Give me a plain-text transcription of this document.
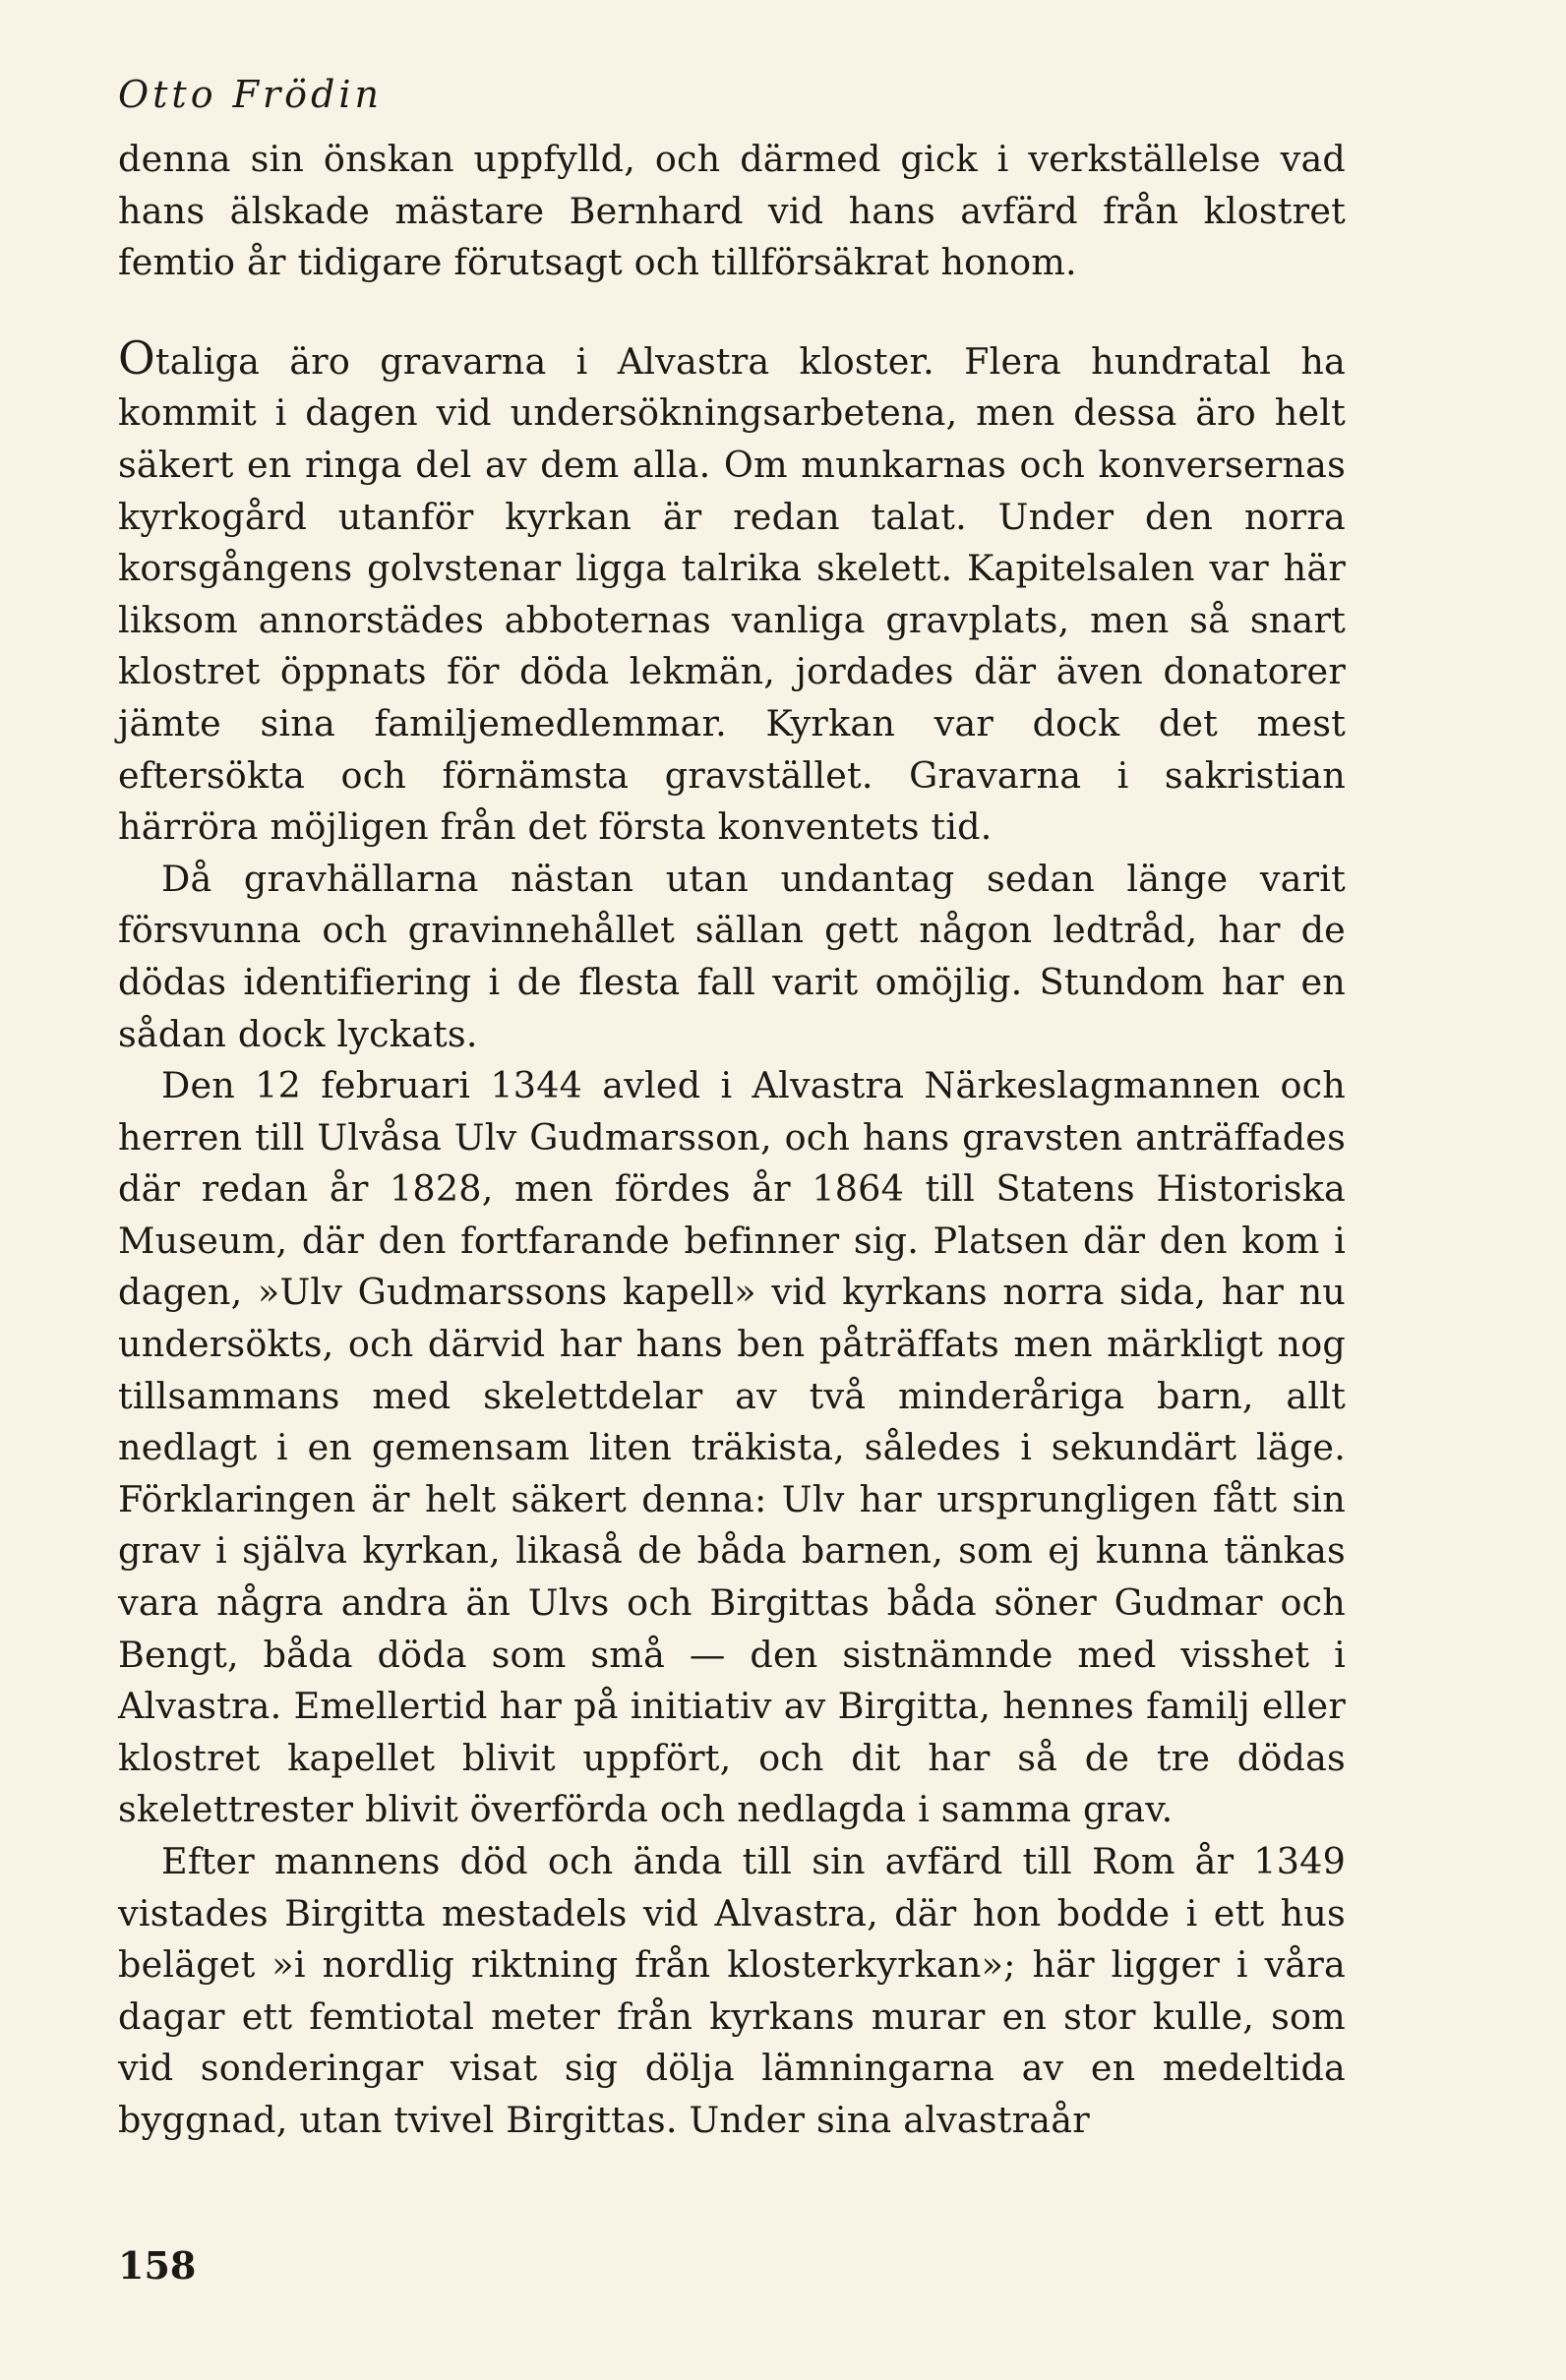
Otto Frödin

denna sin önskan uppfylld, och därmed gick i verkställelse vad hans älskade mästare Bernhard vid hans avfärd från klostret femtio år tidigare förutsagt och tillförsäkrat honom.

Otaliga äro gravarna i Alvastra kloster. Flera hundratal ha kommit i dagen vid undersökningsarbetena, men dessa äro helt säkert en ringa del av dem alla. Om munkarnas och konversernas kyrkogård utanför kyrkan är redan talat. Under den norra korsgångens golvstenar ligga talrika skelett. Kapitelsalen var här liksom annorstädes abboternas vanliga gravplats, men så snart klostret öppnats för döda lekmän, jordades där även donatorer jämte sina familjemedlemmar. Kyrkan var dock det mest eftersökta och förnämsta gravstället. Gravarna i sakristian härröra möjligen från det första konventets tid.

Då gravhällarna nästan utan undantag sedan länge varit försvunna och gravinnehållet sällan gett någon ledtråd, har de dödas identifiering i de flesta fall varit omöjlig. Stundom har en sådan dock lyckats.

Den 12 februari 1344 avled i Alvastra Närkeslagmannen och herren till Ulvåsa Ulv Gudmarsson, och hans gravsten anträffades där redan år 1828, men fördes år 1864 till Statens Historiska Museum, där den fortfarande befinner sig. Platsen där den kom i dagen, »Ulv Gudmarssons kapell» vid kyrkans norra sida, har nu undersökts, och därvid har hans ben påträffats men märkligt nog tillsammans med skelettdelar av två minderåriga barn, allt nedlagt i en gemensam liten träkista, således i sekundärt läge. Förklaringen är helt säkert denna: Ulv har ursprungligen fått sin grav i själva kyrkan, likaså de båda barnen, som ej kunna tänkas vara några andra än Ulvs och Birgittas båda söner Gudmar och Bengt, båda döda som små — den sistnämnde med visshet i Alvastra. Emellertid har på initiativ av Birgitta, hennes familj eller klostret kapellet blivit uppfört, och dit har så de tre dödas skelettrester blivit överförda och nedlagda i samma grav.

Efter mannens död och ända till sin avfärd till Rom år 1349 vistades Birgitta mestadels vid Alvastra, där hon bodde i ett hus beläget »i nordlig riktning från klosterkyrkan»; här ligger i våra dagar ett femtiotal meter från kyrkans murar en stor kulle, som vid sonderingar visat sig dölja lämningarna av en medeltida byggnad, utan tvivel Birgittas. Under sina alvastraår

158
